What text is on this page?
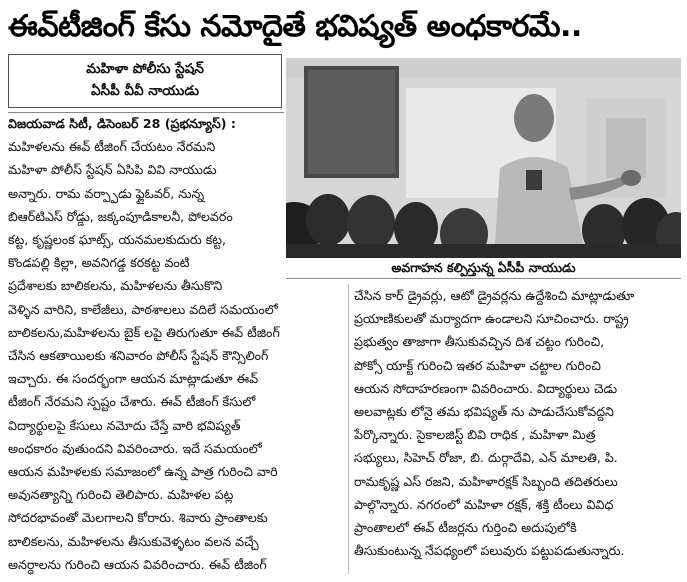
ఈవ్‌టీజింగ్ కేసు నమోదైతే భవిష్యత్ అంధకారమే..
మహిళా పోలీసు స్టేషన్
ఏసీపీ వీవీ నాయుడు
అవగాహన కల్పిస్తున్న ఏసీపీ నాయుడు

విజయవాడ సిటీ, డిసెంబర్ 28 (ప్రభన్యూస్) :

మహిళలను ఈవ్ టీజింగ్ చేయటం నేరమని

మహిళా పోలీస్ స్టేషన్ ఏసిపి వివి నాయుడు

అన్నారు. రామ వర్ప్పాడు ఫ్లైఓవర్, నున్న

బిఆర్‌టిఎస్ రోడ్డు, జక్కంపూడికాలనీ, పోలవరం

కట్ట, కృష్ణలంక ఘాట్స్, యనమలకుదురు కట్ట,

కొండపల్లి కిల్లా, అవనిగడ్డ కరకట్ట వంటి

ప్రదేశాలకు బాలికలను, మహిళలను తీసుకొని

వెళ్ళిన వారిని, కాలేజీలు, పాఠశాలలు వదిలే సమయంలో

బాలికలను,మహిళలను బైక్ లపై తిరుగుతూ ఈవ్ టీజింగ్

చేసిన ఆకతాయిలకు శనివారం పోలీస్ స్టేషన్ కౌన్సిలింగ్

ఇచ్చారు. ఈ సందర్భంగా ఆయన మాట్లాడుతూ ఈవ్

టీజింగ్ నేరమని స్పష్టం చేశారు. ఈవ్ టీజింగ్ కేసులో

విద్యార్థులపై కేసులు నమోదు చేస్తే వారి భవిష్యత్

అంధకారం వుతుందని వివరించారు. ఇదే సమయంలో

ఆయన మహిళలకు సమాజంలో ఉన్న పాత్ర గురించి వారి

అవునత్యాన్ని గురించి తెలిపారు. మహిళల పట్ల

సోదరభావంతో మెలగాలని కోరారు. శివారు ప్రాంతాలకు

బాలికలను, మహిళలను తీసుకువెళ్ళటం వలన వచ్చే

అనర్ధాలను గురించి ఆయన వివరించారు. ఈవ్ టీజింగ్

చేసిన కార్ డ్రైవర్లు, ఆటో డ్రైవర్లను ఉద్దేశించి మాట్లాడుతూ

ప్రయాణికులతో మర్యాదగా ఉండాలని సూచించారు. రాష్ట్ర

ప్రభుత్వం తాజాగా తీసుకువచ్చిన దిశ చట్టం గురించి,

పోక్సో యాక్ట్ గురించి ఇతర మహిళా చట్టాల గురించి

ఆయన సోదాహరణంగా వివరించారు. విద్యార్థులు చెడు

అలవాట్లకు లోనై తమ భవిష్యత్ ను పాడుచేసుకోవద్దని

పేర్కొన్నారు. సైకాలజిస్ట్ బివి రాధిక , మహిళా మిత్ర

సభ్యులు, సిహెచ్ రోజా, బి. దుర్గాదేవి, ఎన్ మాలతి, పి.

రామకృష్ణ ఎస్ రజని, మహిళారక్షక్ సిబ్బంది తదితరులు

పాల్గొన్నారు. నగరంలో మహిళా రక్షక్, శక్తి టీంలు వివిధ

ప్రాంతాలలో ఈవ్ టీజర్లను గుర్తించి అదుపులోకి

తీసుకుంటున్న నేపధ్యంలో పలువురు పట్టుపడుతున్నారు.
